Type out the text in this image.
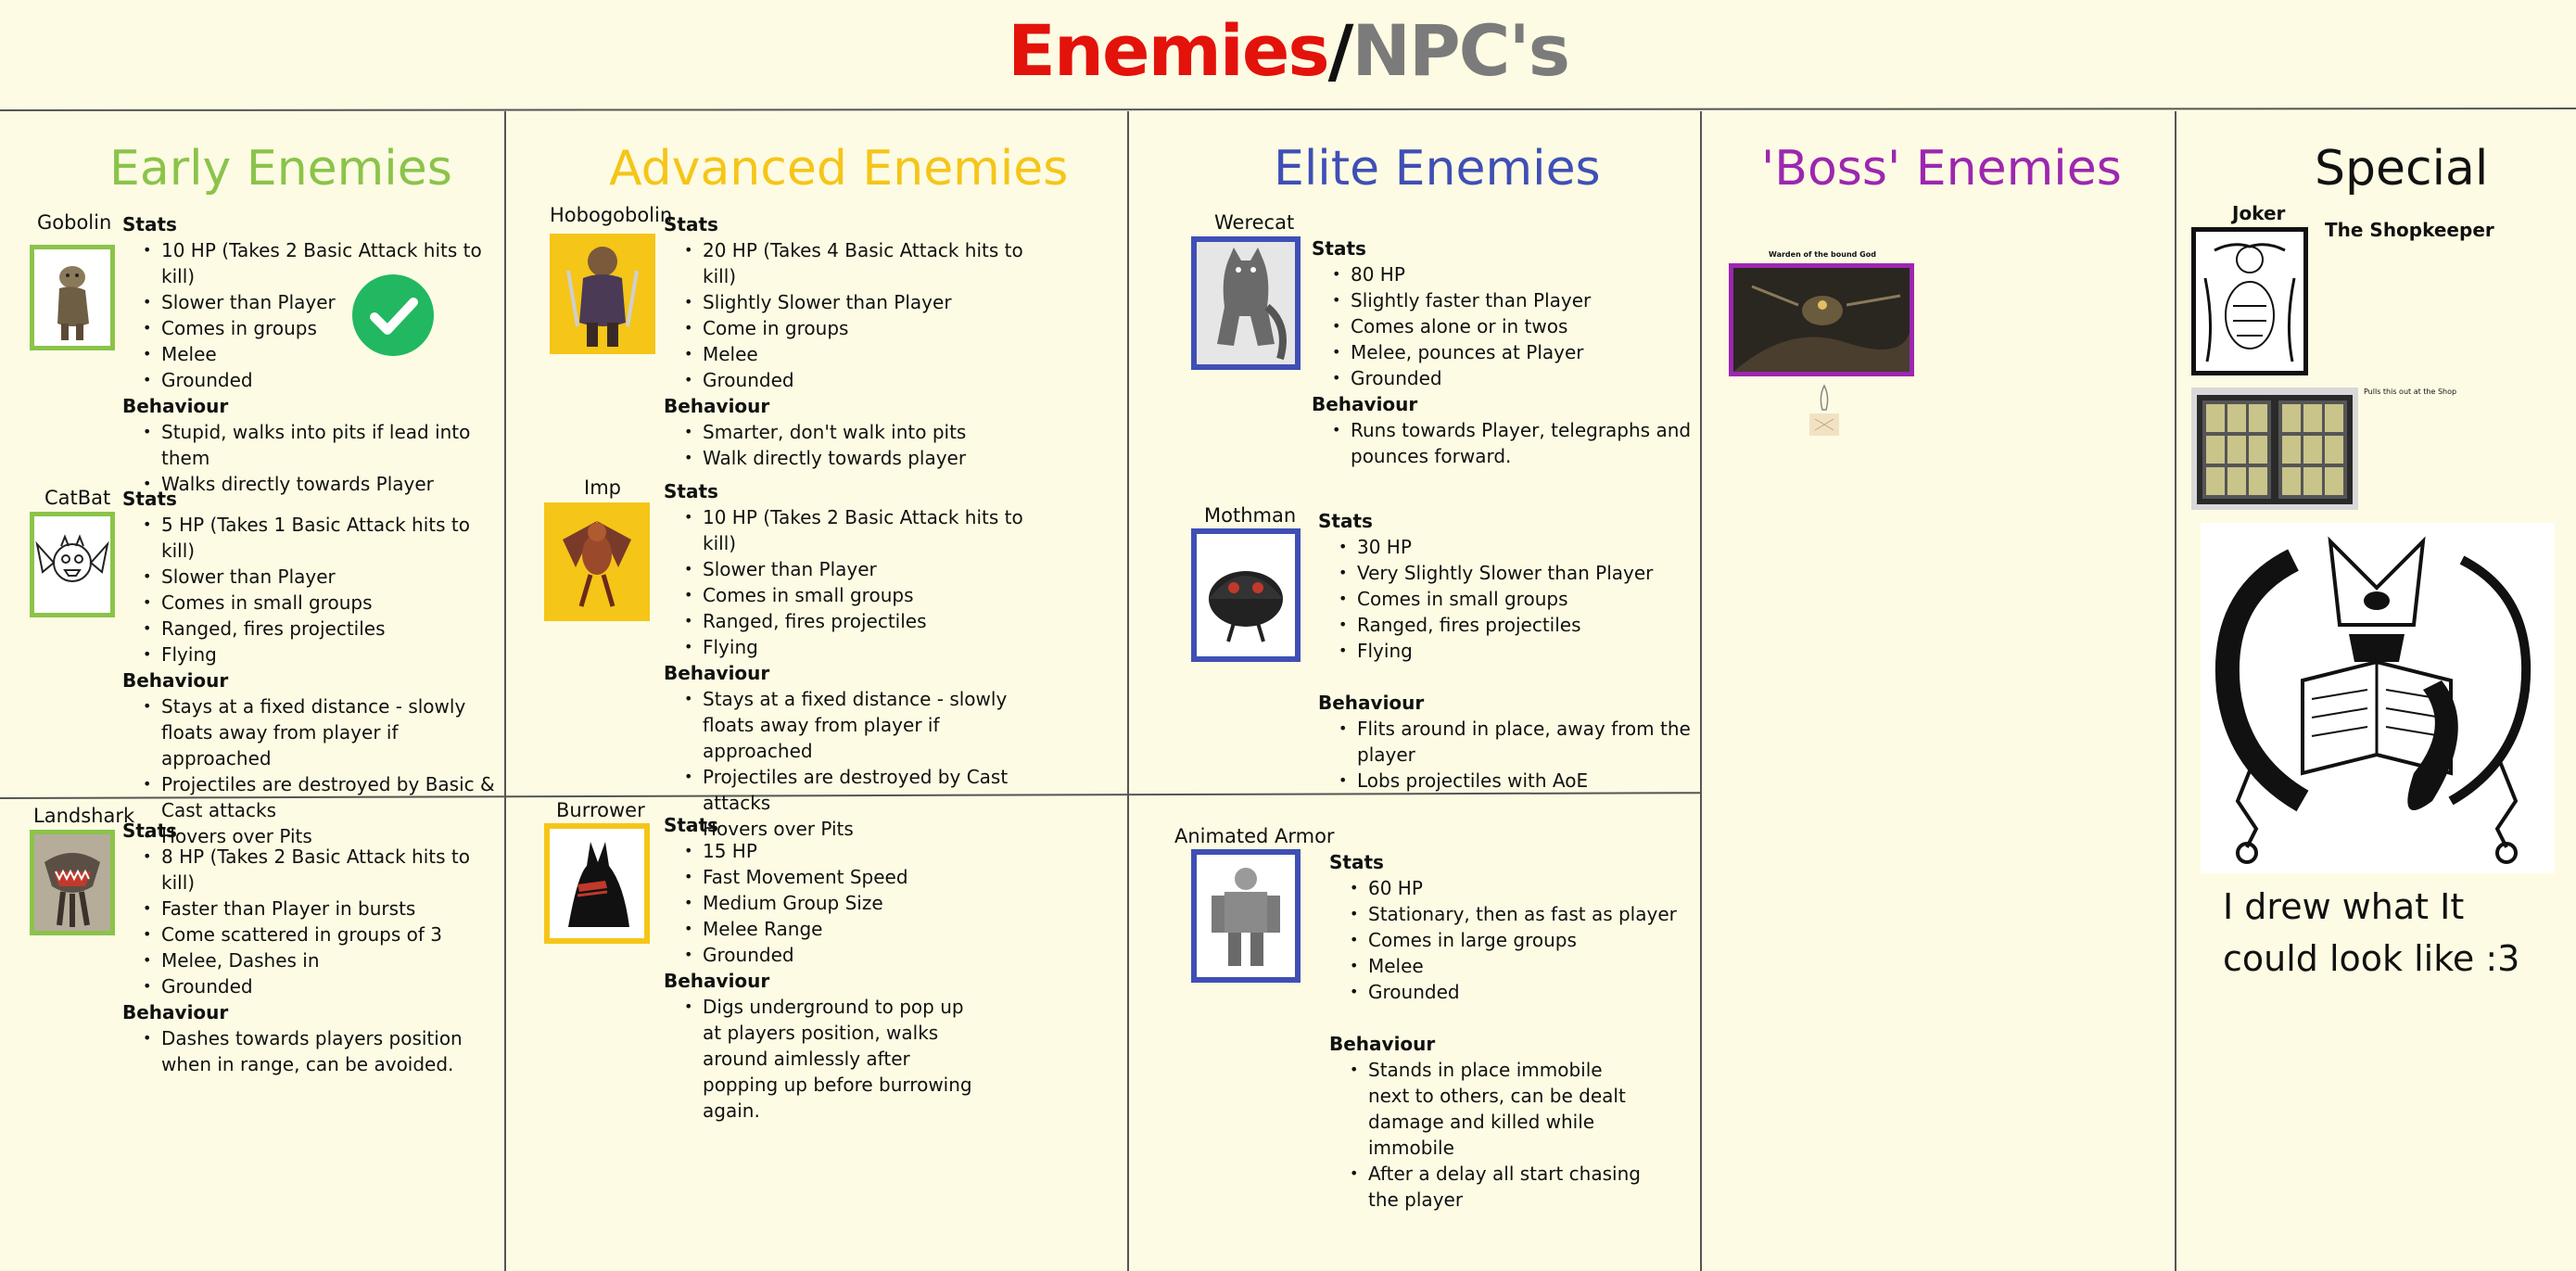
Enemies/NPC's
Early Enemies	Advanced Enemies	Elite Enemies	'Boss' Enemies	Special
Gobolin Stats
• 10 HP (Takes 2 Basic Attack hits to kill)
• Slower than Player
• Comes in groups
• Melee
• Grounded
Behaviour
• Stupid, walks into pits if lead into them
• Walks directly towards Player
CatBat Stats
• 5 HP (Takes 1 Basic Attack hits to kill)
• Slower than Player
• Comes in small groups
• Ranged, fires projectiles
• Flying
Behaviour
• Stays at a fixed distance - slowly floats away from player if approached
• Projectiles are destroyed by Basic & Cast attacks
• Hovers over Pits
Landshark
Stats
• 8 HP (Takes 2 Basic Attack hits to kill)
• Faster than Player in bursts
• Come scattered in groups of 3
• Melee, Dashes in
• Grounded
Behaviour
• Dashes towards players position when in range, can be avoided.
Hobogobolin
Stats
• 20 HP (Takes 4 Basic Attack hits to kill)
• Slightly Slower than Player
• Come in groups
• Melee
• Grounded
Behaviour
• Smarter, don't walk into pits
• Walk directly towards player
Imp Stats
• 10 HP (Takes 2 Basic Attack hits to kill)
• Slower than Player
• Comes in small groups
• Ranged, fires projectiles
• Flying
Behaviour
• Stays at a fixed distance - slowly floats away from player if approached
• Projectiles are destroyed by Cast attacks
• Hovers over Pits
Burrower
Stats
• 15 HP
• Fast Movement Speed
• Medium Group Size
• Melee Range
• Grounded
Behaviour
• Digs underground to pop up at players position, walks around aimlessly after popping up before burrowing again.
Werecat
Stats
• 80 HP
• Slightly faster than Player
• Comes alone or in twos
• Melee, pounces at Player
• Grounded
Behaviour
• Runs towards Player, telegraphs and pounces forward.
Mothman Stats
• 30 HP
• Very Slightly Slower than Player
• Comes in small groups
• Ranged, fires projectiles
• Flying
Behaviour
• Flits around in place, away from the player
• Lobs projectiles with AoE
Animated Armor
Stats
• 60 HP
• Stationary, then as fast as player
• Comes in large groups
• Melee
• Grounded
Behaviour
• Stands in place immobile next to others, can be dealt damage and killed while immobile
• After a delay all start chasing the player
Warden of the bound God
Joker
The Shopkeeper
Pulls this out at the Shop
I drew what It could look like :3
